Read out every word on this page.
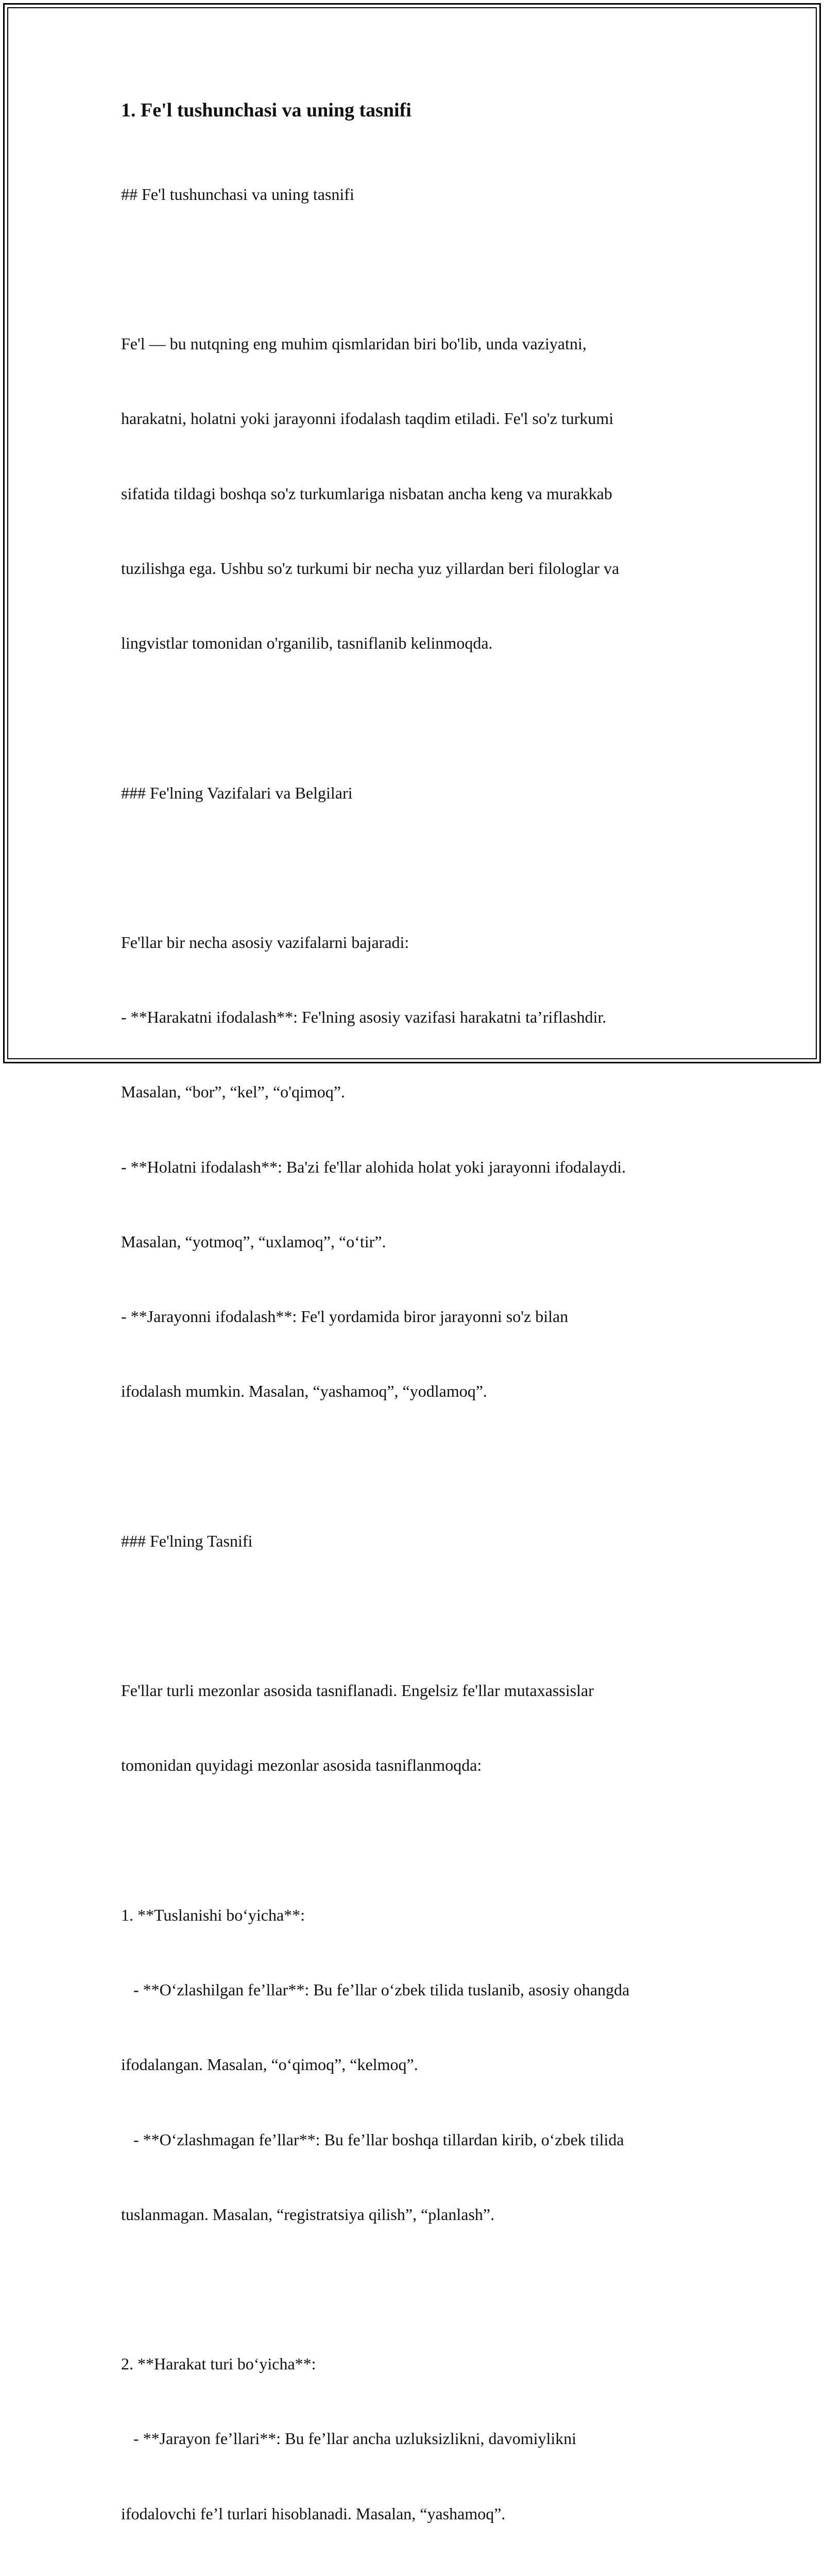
1. Fe'l tushunchasi va uning tasnifi

## Fe'l tushunchasi va uning tasnifi

Fe'l — bu nutqning eng muhim qismlaridan biri bo'lib, unda vaziyatni,

harakatni, holatni yoki jarayonni ifodalash taqdim etiladi. Fe'l so'z turkumi

sifatida tildagi boshqa so'z turkumlariga nisbatan ancha keng va murakkab

tuzilishga ega. Ushbu so'z turkumi bir necha yuz yillardan beri filologlar va

lingvistlar tomonidan o'rganilib, tasniflanib kelinmoqda.

### Fe'lning Vazifalari va Belgilari

Fe'llar bir necha asosiy vazifalarni bajaradi:

- **Harakatni ifodalash**: Fe'lning asosiy vazifasi harakatni ta’riflashdir.

Masalan, “bor”, “kel”, “o'qimoq”.

- **Holatni ifodalash**: Ba'zi fe'llar alohida holat yoki jarayonni ifodalaydi.

Masalan, “yotmoq”, “uxlamoq”, “o‘tir”.

- **Jarayonni ifodalash**: Fe'l yordamida biror jarayonni so'z bilan

ifodalash mumkin. Masalan, “yashamoq”, “yodlamoq”.

### Fe'lning Tasnifi

Fe'llar turli mezonlar asosida tasniflanadi. Engelsiz fe'llar mutaxassislar

tomonidan quyidagi mezonlar asosida tasniflanmoqda:

1. **Tuslanishi bo‘yicha**:

- **O‘zlashilgan fe’llar**: Bu fe’llar o‘zbek tilida tuslanib, asosiy ohangda

ifodalangan. Masalan, “o‘qimoq”, “kelmoq”.

- **O‘zlashmagan fe’llar**: Bu fe’llar boshqa tillardan kirib, o‘zbek tilida

tuslanmagan. Masalan, “registratsiya qilish”, “planlash”.

2. **Harakat turi bo‘yicha**:

- **Jarayon fe’llari**: Bu fe’llar ancha uzluksizlikni, davomiylikni

ifodalovchi fe’l turlari hisoblanadi. Masalan, “yashamoq”.
